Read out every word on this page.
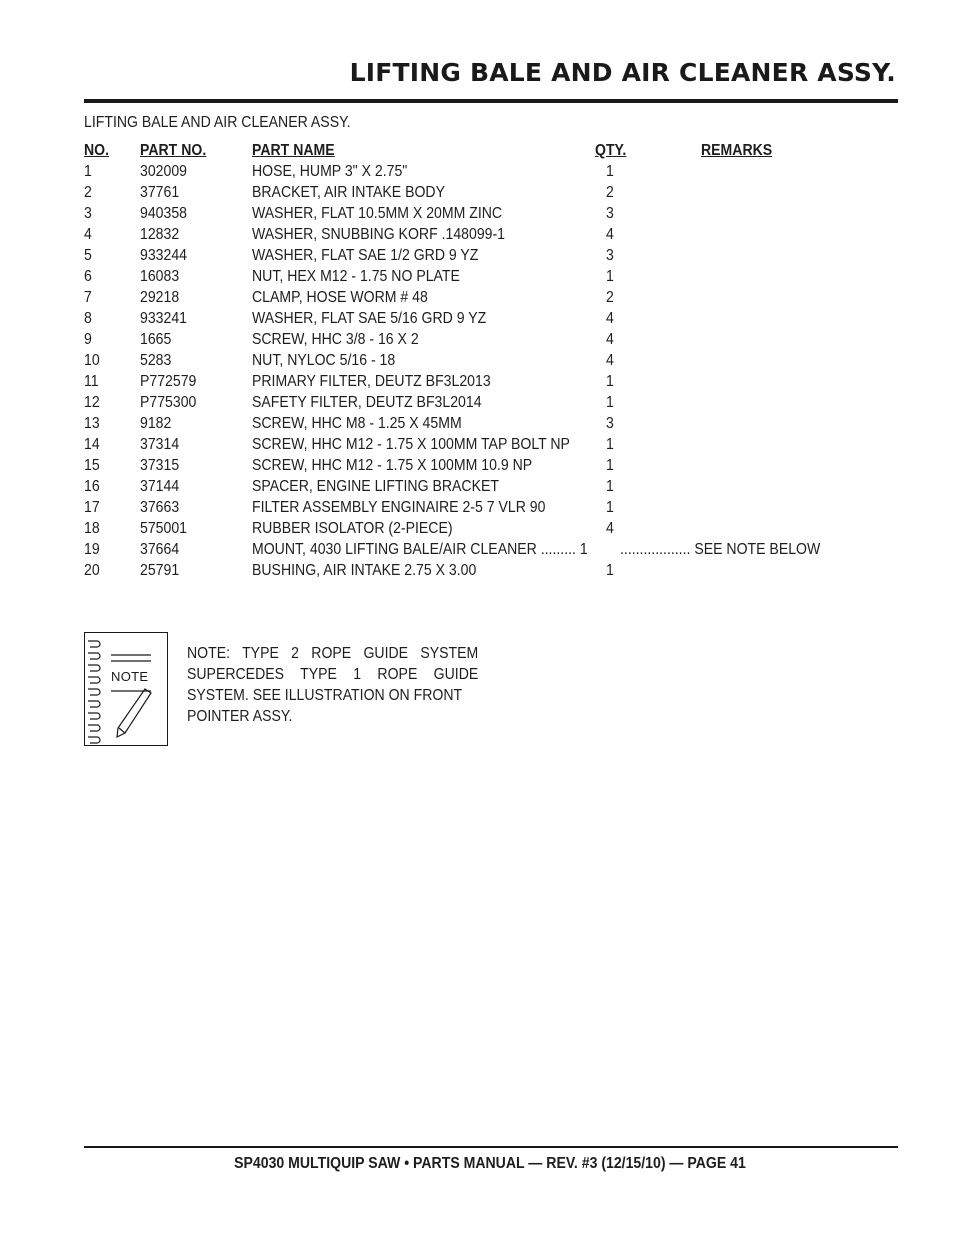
LIFTING BALE AND AIR CLEANER ASSY.
LIFTING BALE AND AIR CLEANER ASSY.
NO. PART NO.	PART NAME	QTY.	REMARKS
1	302009	HOSE, HUMP 3" X 2.75"	1
2	37761	BRACKET, AIR INTAKE BODY	2
3	940358	WASHER, FLAT 10.5MM X 20MM ZINC	3
4	12832	WASHER, SNUBBING KORF .148099-1	4
5	933244	WASHER, FLAT SAE 1/2 GRD 9 YZ	3
6	16083	NUT, HEX M12 - 1.75 NO PLATE	1
7	29218	CLAMP, HOSE WORM # 48	2
8	933241	WASHER, FLAT SAE 5/16 GRD 9 YZ	4
9	1665	SCREW, HHC 3/8 - 16 X 2	4
10	5283	NUT, NYLOC 5/16 - 18	4
11	P772579	PRIMARY FILTER, DEUTZ BF3L2013	1
12	P775300	SAFETY FILTER, DEUTZ BF3L2014	1
13	9182	SCREW, HHC M8 - 1.25 X 45MM	3
14	37314	SCREW, HHC M12 - 1.75 X 100MM TAP BOLT NP 1
15	37315	SCREW, HHC M12 - 1.75 X 100MM 10.9 NP	1
16	37144	SPACER, ENGINE LIFTING BRACKET	1
17	37663	FILTER ASSEMBLY ENGINAIRE 2-5 7 VLR 90	1
18	575001	RUBBER ISOLATOR (2-PIECE)	4
19	37664	MOUNT, 4030 LIFTING BALE/AIR CLEANER ......... 1 .................. SEE NOTE BELOW
20	25791	BUSHING, AIR INTAKE 2.75 X 3.00	1
NOTE
NOTE: TYPE 2 ROPE GUIDE SYSTEM
SUPERCEDES TYPE 1 ROPE GUIDE
SYSTEM. SEE ILLUSTRATION ON FRONT
POINTER ASSY.
SP4030 MULTIQUIP SAW • PARTS MANUAL — REV. #3 (12/15/10) — PAGE 41
